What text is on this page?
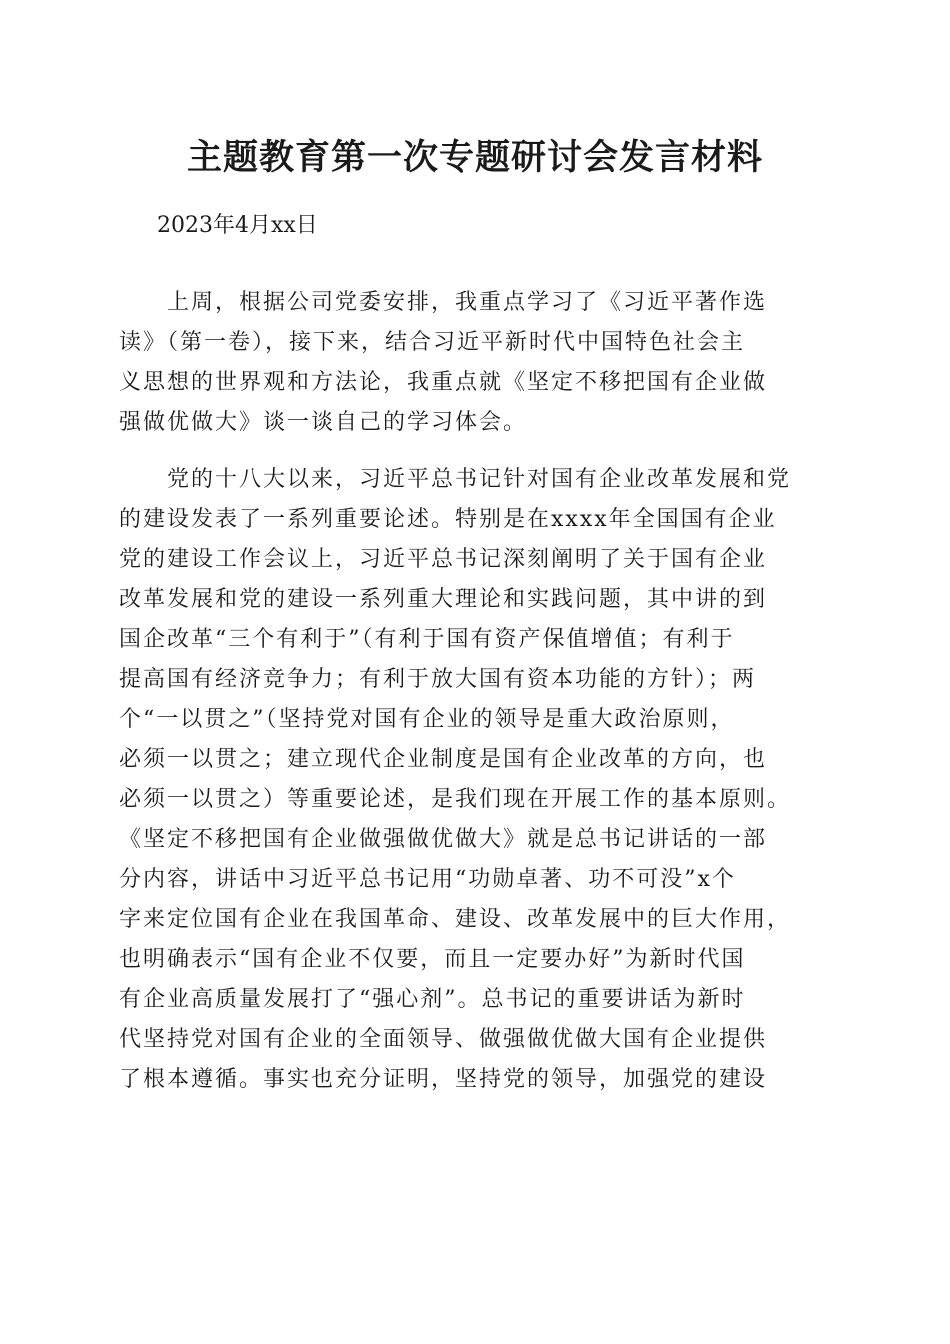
主题教育第一次专题研讨会发言材料

2023年4月xx日

　　上周，根据公司党委安排，我重点学习了《习近平著作选
读》（第一卷），接下来，结合习近平新时代中国特色社会主
义思想的世界观和方法论，我重点就《坚定不移把国有企业做
强做优做大》谈一谈自己的学习体会。

　　党的十八大以来，习近平总书记针对国有企业改革发展和党
的建设发表了一系列重要论述。特别是在xxxx年全国国有企业
党的建设工作会议上，习近平总书记深刻阐明了关于国有企业
改革发展和党的建设一系列重大理论和实践问题，其中讲的到
国企改革“三个有利于”（有利于国有资产保值增值；有利于
提高国有经济竞争力；有利于放大国有资本功能的方针）；两
个“一以贯之”（坚持党对国有企业的领导是重大政治原则，
必须一以贯之；建立现代企业制度是国有企业改革的方向，也
必须一以贯之）等重要论述，是我们现在开展工作的基本原则。
《坚定不移把国有企业做强做优做大》就是总书记讲话的一部
分内容，讲话中习近平总书记用“功勋卓著、功不可没”x个
字来定位国有企业在我国革命、建设、改革发展中的巨大作用，
也明确表示“国有企业不仅要，而且一定要办好”为新时代国
有企业高质量发展打了“强心剂”。总书记的重要讲话为新时
代坚持党对国有企业的全面领导、做强做优做大国有企业提供
了根本遵循。事实也充分证明，坚持党的领导，加强党的建设
